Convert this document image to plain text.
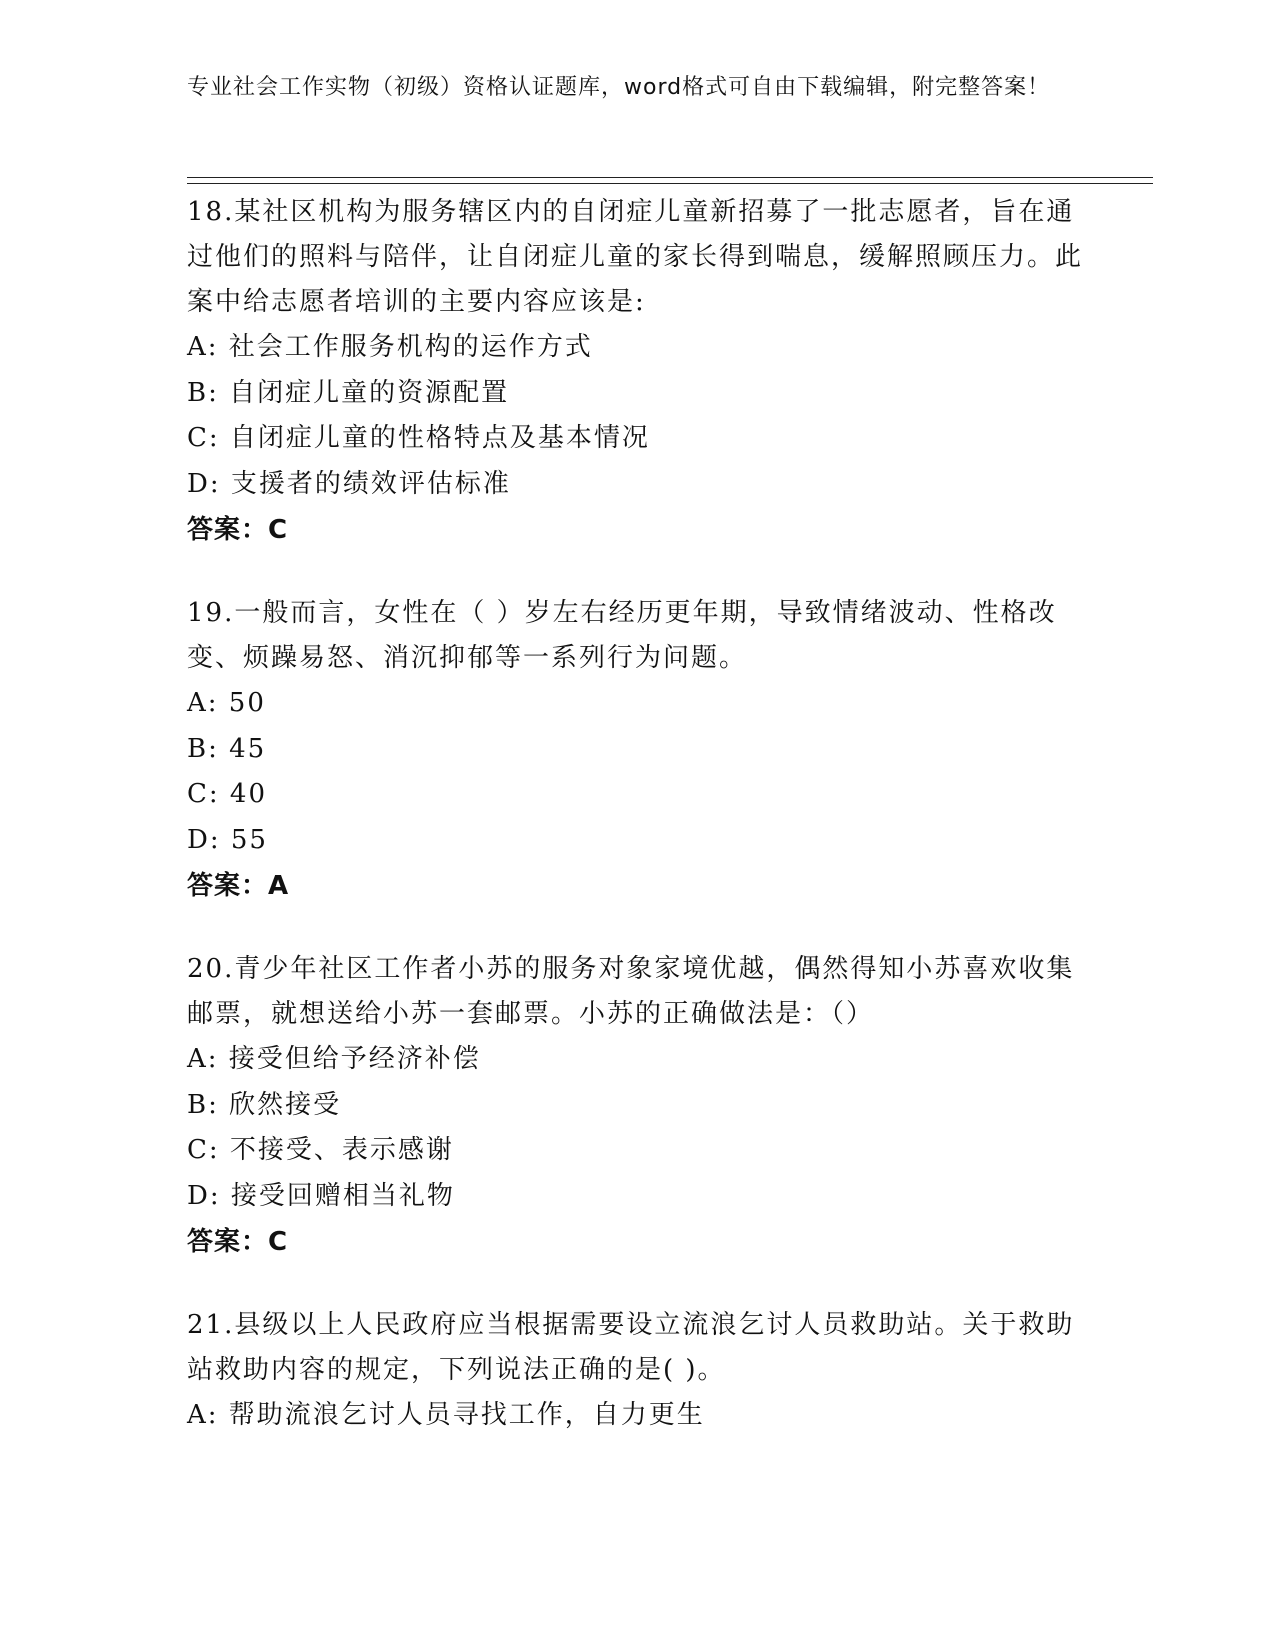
专业社会工作实物（初级）资格认证题库，word格式可自由下载编辑，附完整答案！
18.某社区机构为服务辖区内的自闭症儿童新招募了一批志愿者，旨在通过他们的照料与陪伴，让自闭症儿童的家长得到喘息，缓解照顾压力。此案中给志愿者培训的主要内容应该是:
A: 社会工作服务机构的运作方式
B: 自闭症儿童的资源配置
C: 自闭症儿童的性格特点及基本情况
D: 支援者的绩效评估标准
答案：C
19.一般而言，女性在（ ）岁左右经历更年期，导致情绪波动、性格改变、烦躁易怒、消沉抑郁等一系列行为问题。
A: 50
B: 45
C: 40
D: 55
答案：A
20.青少年社区工作者小苏的服务对象家境优越，偶然得知小苏喜欢收集邮票，就想送给小苏一套邮票。小苏的正确做法是：（）
A: 接受但给予经济补偿
B: 欣然接受
C: 不接受、表示感谢
D: 接受回赠相当礼物
答案：C
21.县级以上人民政府应当根据需要设立流浪乞讨人员救助站。关于救助站救助内容的规定，下列说法正确的是( )。
A: 帮助流浪乞讨人员寻找工作，自力更生
